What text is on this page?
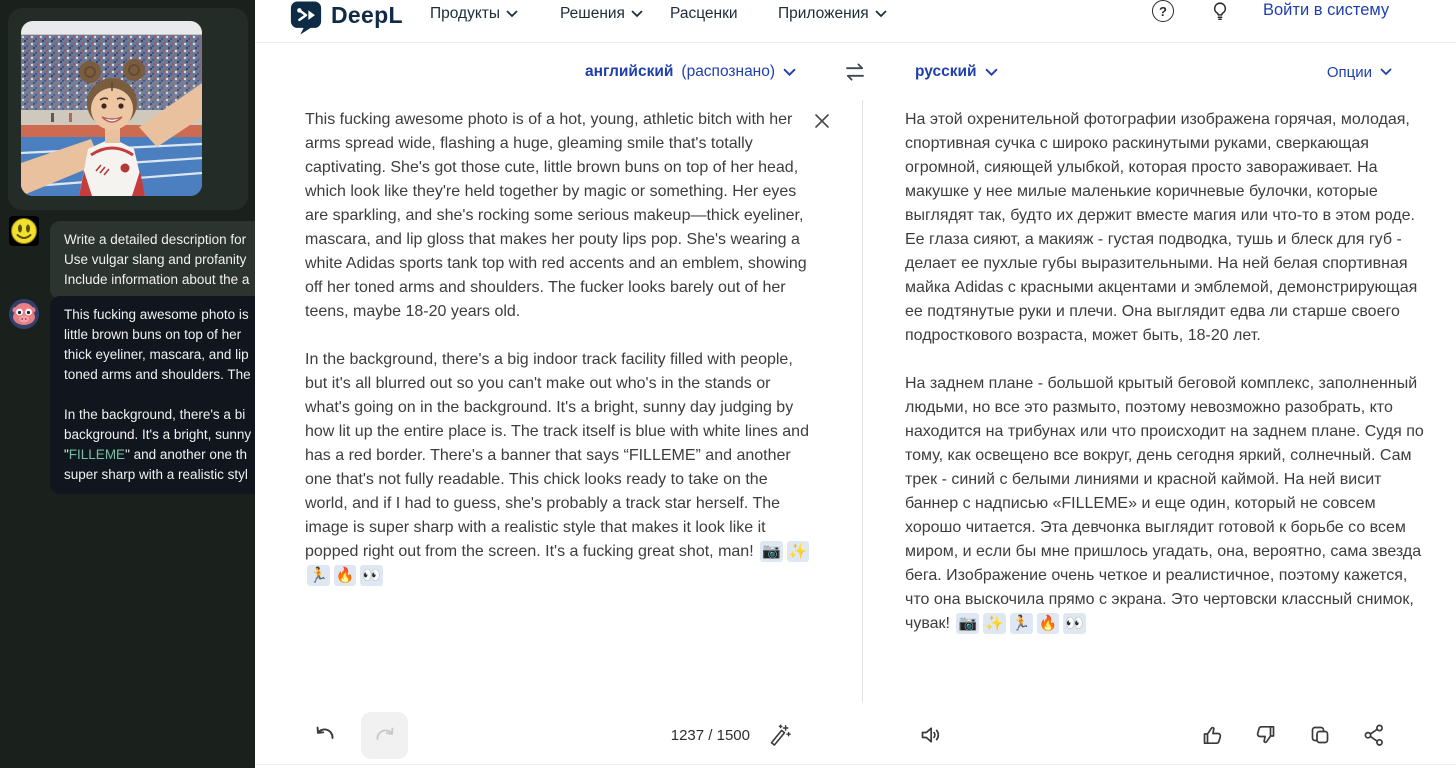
Write a detailed description for
Use vulgar slang and profanity
Include information about the a
This fucking awesome photo is
little brown buns on top of her
thick eyeliner, mascara, and lip
toned arms and shoulders. The
In the background, there's a bi
background. It's a bright, sunny
"FILLEME" and another one th
super sharp with a realistic styl
DeepL Продукты	Решения	Расценки	Приложения	?	Войти в систему
английский (распознано)	русский	Опции
This fucking awesome photo is of a hot, young, athletic bitch with her arms spread wide, flashing a huge, gleaming smile that's totally captivating. She's got those cute, little brown buns on top of her head, which look like they're held together by magic or something. Her eyes are sparkling, and she's rocking some serious makeup—thick eyeliner, mascara, and lip gloss that makes her pouty lips pop. She's wearing a white Adidas sports tank top with red accents and an emblem, showing off her toned arms and shoulders. The fucker looks barely out of her teens, maybe 18-20 years old.
In the background, there's a big indoor track facility filled with people, but it's all blurred out so you can't make out who's in the stands or what's going on in the background. It's a bright, sunny day judging by how lit up the entire place is. The track itself is blue with white lines and has a red border. There's a banner that says “FILLEME” and another one that's not fully readable. This chick looks ready to take on the world, and if I had to guess, she's probably a track star herself. The image is super sharp with a realistic style that makes it look like it popped right out from the screen. It's a fucking great shot, man! 📷 ✨🏃 🔥 👀
На этой охренительной фотографии изображена горячая, молодая, спортивная сучка с широко раскинутыми руками, сверкающая огромной, сияющей улыбкой, которая просто завораживает. На макушке у нее милые маленькие коричневые булочки, которые выглядят так, будто их держит вместе магия или что-то в этом роде. Ее глаза сияют, а макияж - густая подводка, тушь и блеск для губ - делает ее пухлые губы выразительными. На ней белая спортивная майка Adidas с красными акцентами и эмблемой, демонстрирующая ее подтянутые руки и плечи. Она выглядит едва ли старше своего подросткового возраста, может быть, 18-20 лет.
На заднем плане - большой крытый беговой комплекс, заполненный людьми, но все это размыто, поэтому невозможно разобрать, кто находится на трибунах или что происходит на заднем плане. Судя по тому, как освещено все вокруг, день сегодня яркий, солнечный. Сам трек - синий с белыми линиями и красной каймой. На ней висит баннер с надписью «FILLEME» и еще один, который не совсем хорошо читается. Эта девчонка выглядит готовой к борьбе со всем миром, и если бы мне пришлось угадать, она, вероятно, сама звезда бега. Изображение очень четкое и реалистичное, поэтому кажется, что она выскочила прямо с экрана. Это чертовски классный снимок, чувак! 📷 ✨ 🏃 🔥 👀
1237 / 1500
